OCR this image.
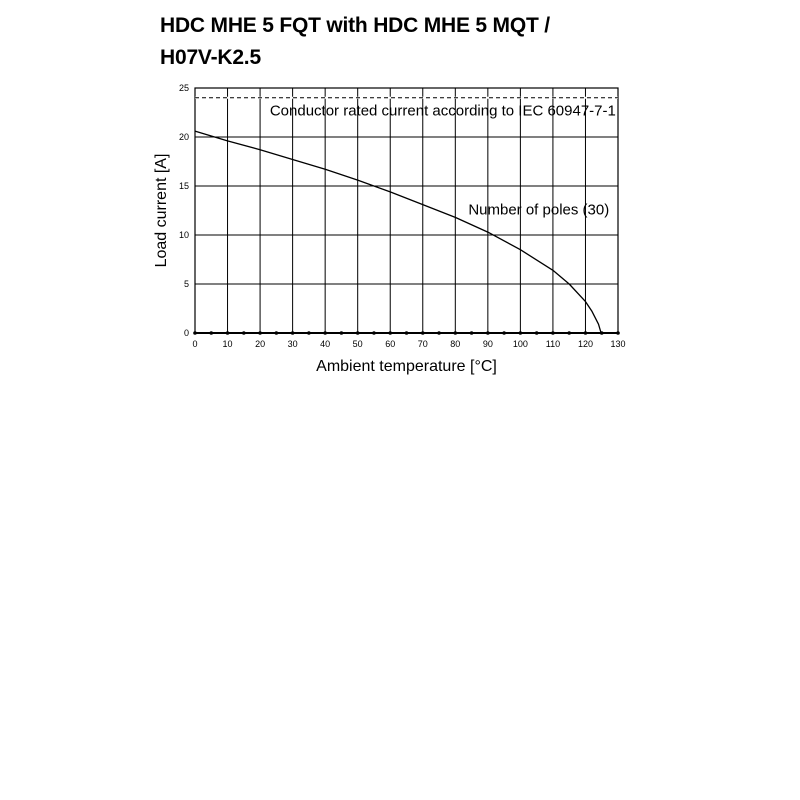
HDC MHE 5 FQT with HDC MHE 5 MQT /
H07V-K2.5
0	10	20	30	40	50	60	70	80	90 100 110 120 130
0
5
10
15
20
25
Conductor rated current according to IEC 60947-7-1
Number of poles (30)
Ambient temperature [°C]
Load current [A]
